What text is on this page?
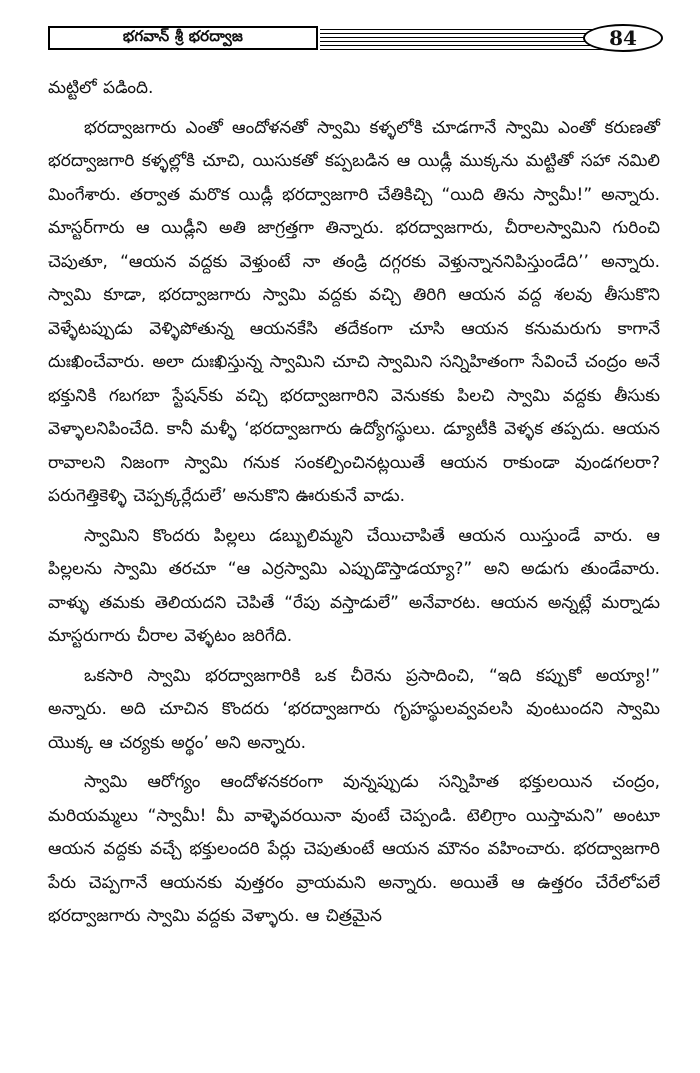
భగవాన్ శ్రీ భరద్వాజ	84

మట్టిలో పడింది.

భరద్వాజగారు ఎంతో ఆందోళనతో స్వామి కళ్ళలోకి చూడగానే స్వామి ఎంతో కరుణతో భరద్వాజగారి కళ్ళల్లోకి చూచి, యిసుకతో కప్పబడిన ఆ యిడ్లీ ముక్కను మట్టితో సహా నమిలి మింగేశారు. తర్వాత మరొక యిడ్లీ భరద్వాజగారి చేతికిచ్చి “యిది తిను స్వామీ!” అన్నారు. మాస్టర్‌గారు ఆ యిడ్లీని అతి జాగ్రత్తగా తిన్నారు. భరద్వాజగారు, చీరాలస్వామిని గురించి చెపుతూ, “ఆయన వద్దకు వెళ్తుంటే నా తండ్రి దగ్గరకు వెళ్తున్నాననిపిస్తుండేది’’ అన్నారు. స్వామి కూడా, భరద్వాజగారు స్వామి వద్దకు వచ్చి తిరిగి ఆయన వద్ద శలవు తీసుకొని వెళ్ళేటప్పుడు వెళ్ళిపోతున్న ఆయనకేసి తదేకంగా చూసి ఆయన కనుమరుగు కాగానే దుఃఖించేవారు. అలా దుఃఖిస్తున్న స్వామిని చూచి స్వామిని సన్నిహితంగా సేవించే చంద్రం అనే భక్తునికి గబగబా స్టేషన్‌కు వచ్చి భరద్వాజగారిని వెనుకకు పిలచి స్వామి వద్దకు తీసుకు వెళ్ళాలనిపించేది. కానీ మళ్ళీ ‘భరద్వాజగారు ఉద్యోగస్థులు. డ్యూటీకి వెళ్ళక తప్పదు. ఆయన రావాలని నిజంగా స్వామి గనుక సంకల్పించినట్లయితే ఆయన రాకుండా వుండగలరా? పరుగెత్తికెళ్ళి చెప్పక్కర్లేదులే’ అనుకొని ఊరుకునే వాడు.

స్వామిని కొందరు పిల్లలు డబ్బులిమ్మని చేయిచాపితే ఆయన యిస్తుండే వారు. ఆ పిల్లలను స్వామి తరచూ “ఆ ఎర్రస్వామి ఎప్పుడొస్తాడయ్యా?” అని అడుగు తుండేవారు. వాళ్ళు తమకు తెలియదని చెపితే “రేపు వస్తాడులే” అనేవారట. ఆయన అన్నట్లే మర్నాడు మాస్టరుగారు చీరాల వెళ్ళటం జరిగేది.

ఒకసారి స్వామి భరద్వాజగారికి ఒక చీరెను ప్రసాదించి, “ఇది కప్పుకో అయ్యా!” అన్నారు. అది చూచిన కొందరు ‘భరద్వాజగారు గృహస్థులవ్వవలసి వుంటుందని స్వామి యొక్క ఆ చర్యకు అర్థం’ అని అన్నారు.

స్వామి ఆరోగ్యం ఆందోళనకరంగా వున్నప్పుడు సన్నిహిత భక్తులయిన చంద్రం, మరియమ్మలు “స్వామీ! మీ వాళ్ళెవరయినా వుంటే చెప్పండి. టెలిగ్రాం యిస్తామని” అంటూ ఆయన వద్దకు వచ్చే భక్తులందరి పేర్లు చెపుతుంటే ఆయన మౌనం వహించారు. భరద్వాజగారి పేరు చెప్పగానే ఆయనకు వుత్తరం వ్రాయమని అన్నారు. అయితే ఆ ఉత్తరం చేరేలోపలే భరద్వాజగారు స్వామి వద్దకు వెళ్ళారు. ఆ చిత్రమైన
